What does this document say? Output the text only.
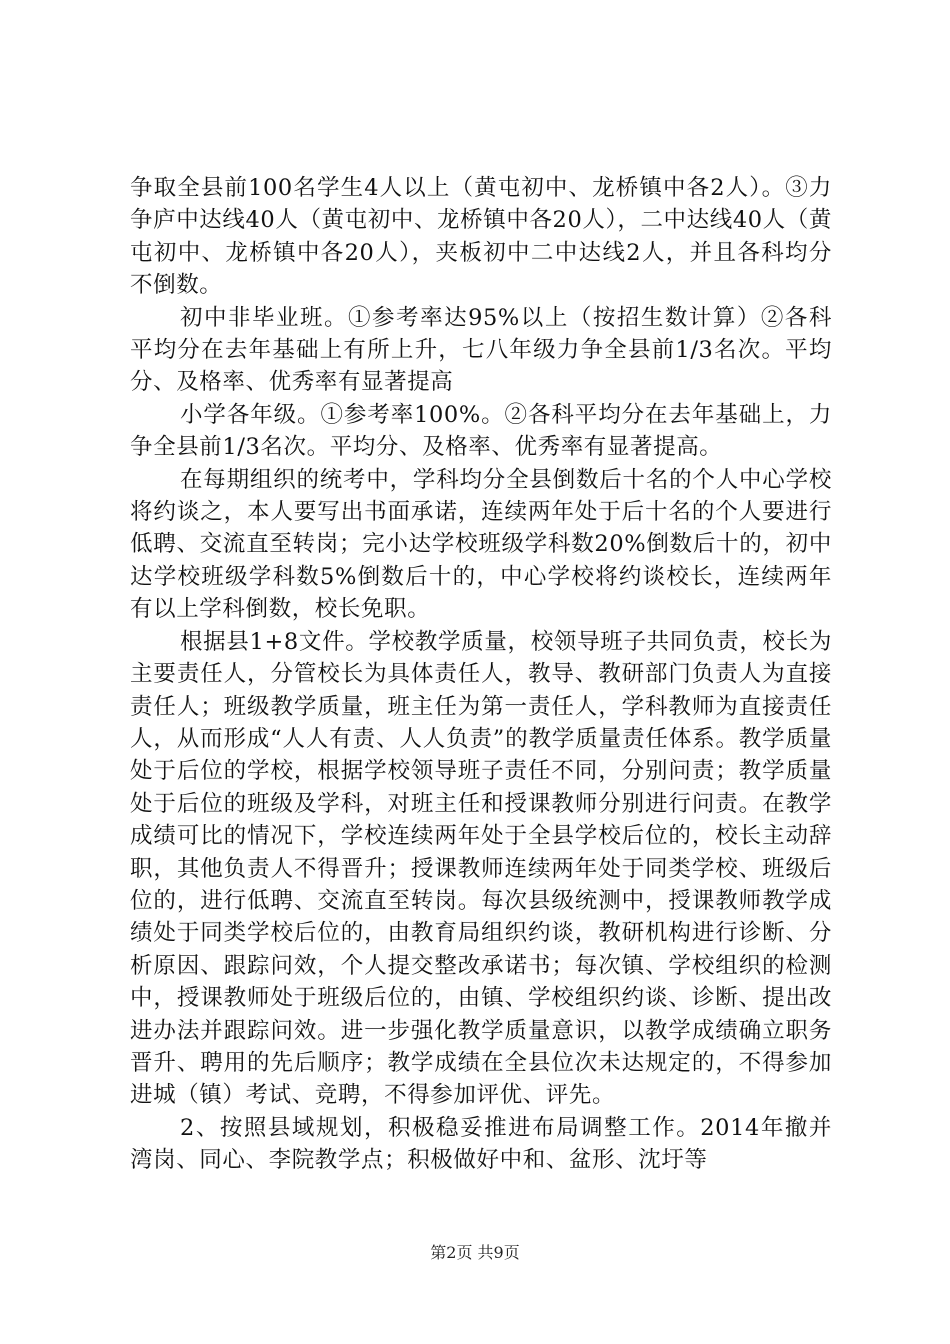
争取全县前100名学生4人以上（黄屯初中、龙桥镇中各2人）。③力争庐中达线40人（黄屯初中、龙桥镇中各20人），二中达线40人（黄屯初中、龙桥镇中各20人），夹板初中二中达线2人，并且各科均分不倒数。

初中非毕业班。①参考率达95%以上（按招生数计算）②各科平均分在去年基础上有所上升，七八年级力争全县前1/3名次。平均分、及格率、优秀率有显著提高

小学各年级。①参考率100%。②各科平均分在去年基础上，力争全县前1/3名次。平均分、及格率、优秀率有显著提高。

在每期组织的统考中，学科均分全县倒数后十名的个人中心学校将约谈之，本人要写出书面承诺，连续两年处于后十名的个人要进行低聘、交流直至转岗；完小达学校班级学科数20%倒数后十的，初中达学校班级学科数5%倒数后十的，中心学校将约谈校长，连续两年有以上学科倒数，校长免职。

根据县1+8文件。学校教学质量，校领导班子共同负责，校长为主要责任人，分管校长为具体责任人，教导、教研部门负责人为直接责任人；班级教学质量，班主任为第一责任人，学科教师为直接责任人，从而形成“人人有责、人人负责”的教学质量责任体系。教学质量处于后位的学校，根据学校领导班子责任不同，分别问责；教学质量处于后位的班级及学科，对班主任和授课教师分别进行问责。在教学成绩可比的情况下，学校连续两年处于全县学校后位的，校长主动辞职，其他负责人不得晋升；授课教师连续两年处于同类学校、班级后位的，进行低聘、交流直至转岗。每次县级统测中，授课教师教学成绩处于同类学校后位的，由教育局组织约谈，教研机构进行诊断、分析原因、跟踪问效，个人提交整改承诺书；每次镇、学校组织的检测中，授课教师处于班级后位的，由镇、学校组织约谈、诊断、提出改进办法并跟踪问效。进一步强化教学质量意识，以教学成绩确立职务晋升、聘用的先后顺序；教学成绩在全县位次未达规定的，不得参加进城（镇）考试、竞聘，不得参加评优、评先。

2、按照县域规划，积极稳妥推进布局调整工作。2014年撤并湾岗、同心、李院教学点；积极做好中和、盆形、沈圩等

第2页 共9页
